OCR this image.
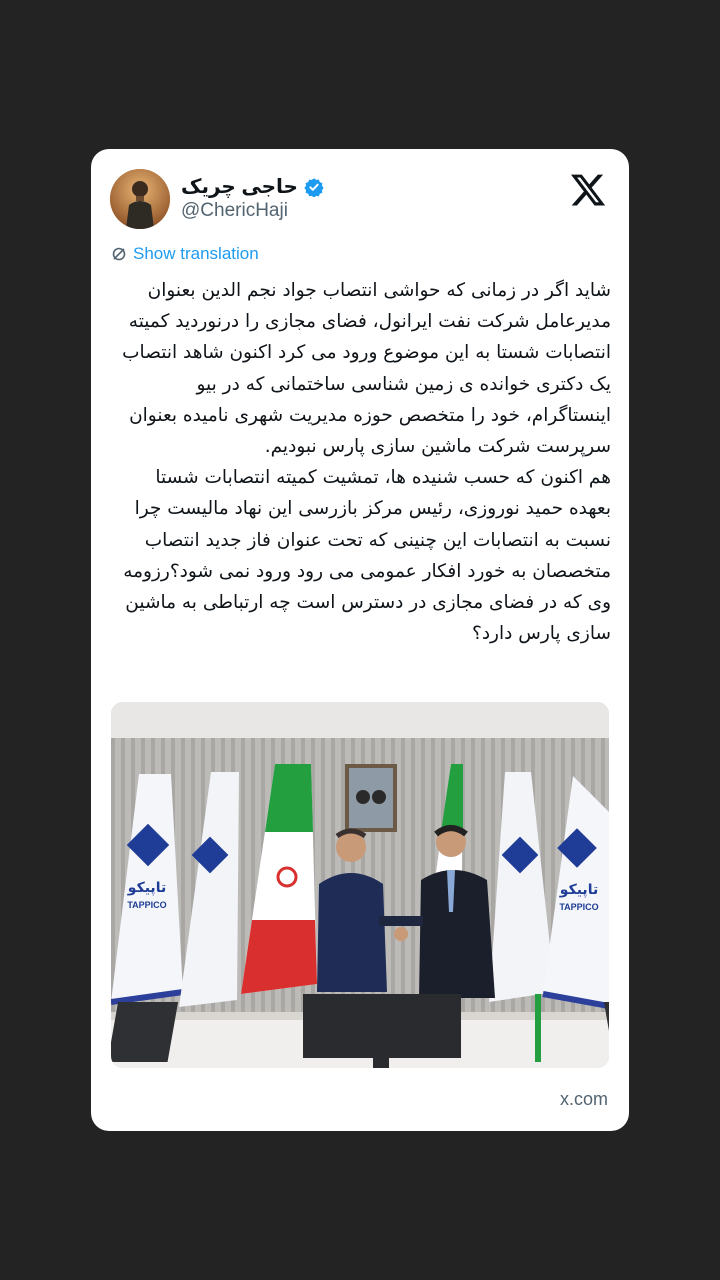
حاجی چریک
@ChericHaji
Show translation

شاید اگر در زمانی که حواشی انتصاب جواد نجم الدین بعنوان مدیرعامل شرکت نفت ایرانول، فضای مجازی را درنوردید کمیته انتصابات شستا به این موضوع ورود می کرد اکنون شاهد انتصاب یک دکتری خوانده ی زمین شناسی ساختمانی که در بیو اینستاگرام، خود را متخصص حوزه مدیریت شهری نامیده بعنوان سرپرست شرکت ماشین سازی پارس نبودیم.

هم اکنون که حسب شنیده ها، تمشیت کمیته انتصابات شستا بعهده حمید نوروزی، رئیس مرکز بازرسی این نهاد مالیست چرا نسبت به انتصابات این چنینی که تحت عنوان فاز جدید انتصاب متخصصان به خورد افکار عمومی می رود ورود نمی شود؟رزومه وی که در فضای مجازی در دسترس است چه ارتباطی به ماشین سازی پارس دارد؟

تاپیکو
TAPPICO
تاپیکو
TAPPICO
x.com
